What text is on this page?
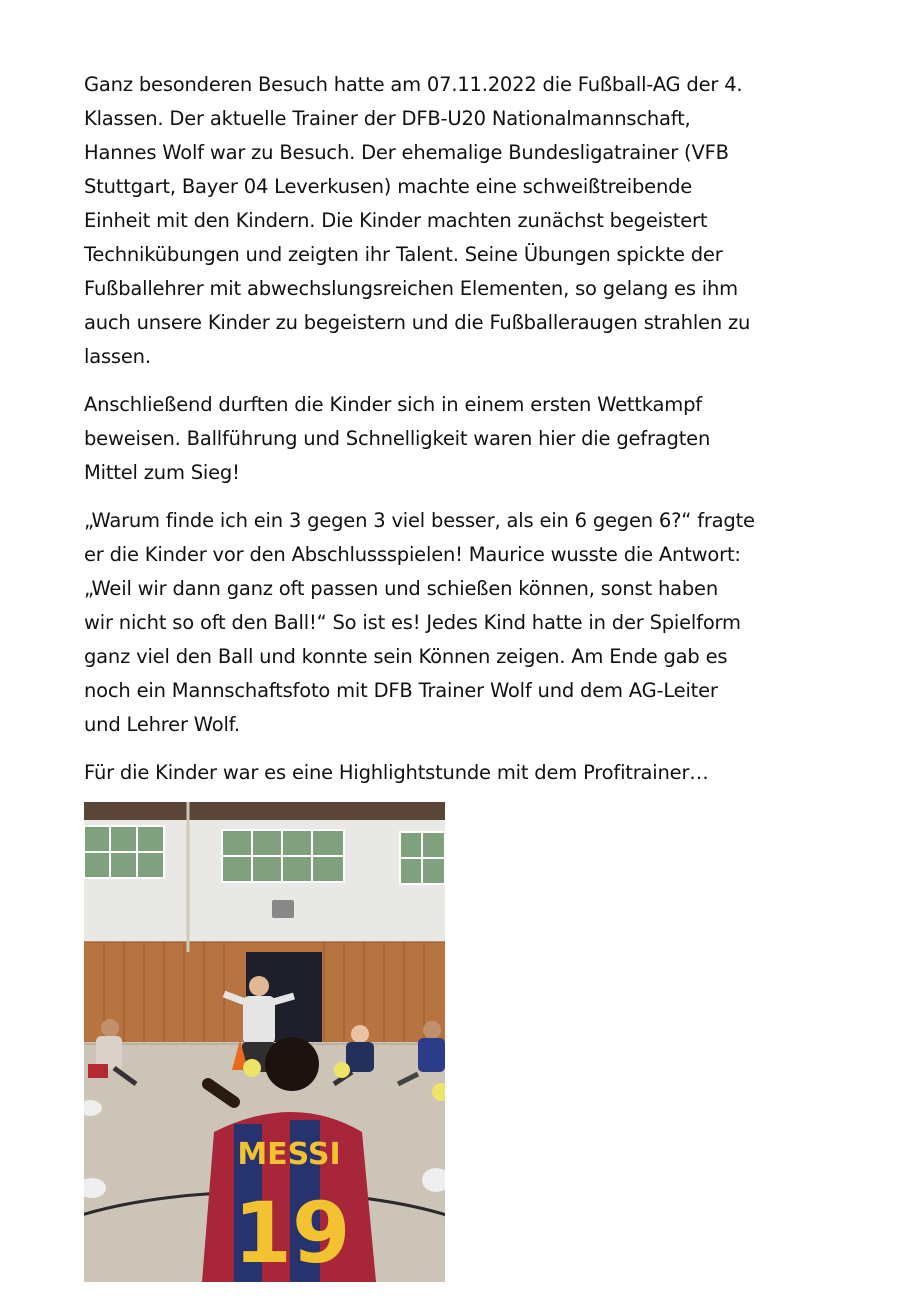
Ganz besonderen Besuch hatte am 07.11.2022 die Fußball-AG der 4.
Klassen. Der aktuelle Trainer der DFB-U20 Nationalmannschaft,
Hannes Wolf war zu Besuch. Der ehemalige Bundesligatrainer (VFB
Stuttgart, Bayer 04 Leverkusen) machte eine schweißtreibende
Einheit mit den Kindern. Die Kinder machten zunächst begeistert
Technikübungen und zeigten ihr Talent. Seine Übungen spickte der
Fußballehrer mit abwechslungsreichen Elementen, so gelang es ihm
auch unsere Kinder zu begeistern und die Fußballeraugen strahlen zu
lassen.

Anschließend durften die Kinder sich in einem ersten Wettkampf
beweisen. Ballführung und Schnelligkeit waren hier die gefragten
Mittel zum Sieg!

„Warum finde ich ein 3 gegen 3 viel besser, als ein 6 gegen 6?“ fragte
er die Kinder vor den Abschlussspielen! Maurice wusste die Antwort:
„Weil wir dann ganz oft passen und schießen können, sonst haben
wir nicht so oft den Ball!“ So ist es! Jedes Kind hatte in der Spielform
ganz viel den Ball und konnte sein Können zeigen. Am Ende gab es
noch ein Mannschaftsfoto mit DFB Trainer Wolf und dem AG-Leiter
und Lehrer Wolf.

Für die Kinder war es eine Highlightstunde mit dem Profitrainer…

MESSI
19
